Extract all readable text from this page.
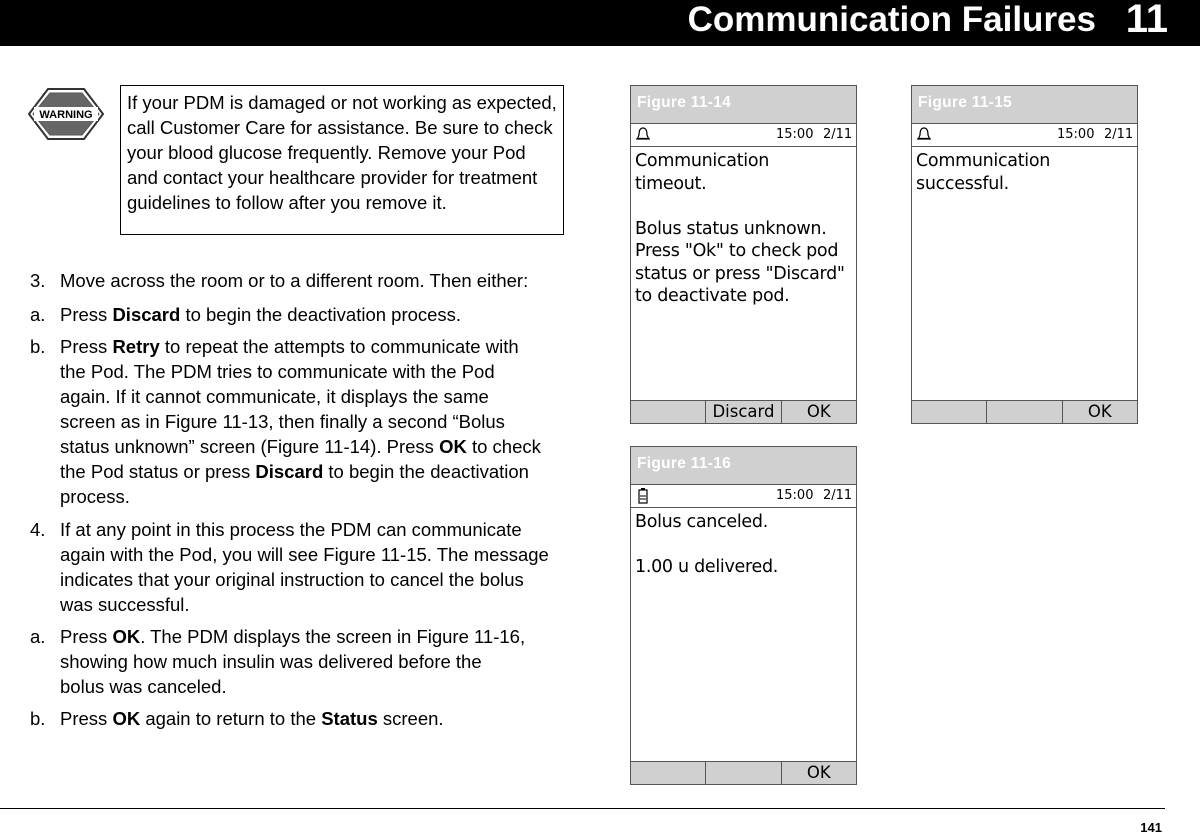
Communication Failures 11
WARNING
If your PDM is damaged or not working as expected, call Customer Care for assistance. Be sure to check your blood glucose frequently. Remove your Pod and contact your healthcare provider for treatment guidelines to follow after you remove it.
3. Move across the room or to a different room. Then either:
a. Press Discard to begin the deactivation process.
b. Press Retry to repeat the attempts to communicate with
the Pod. The PDM tries to communicate with the Pod
again. If it cannot communicate, it displays the same
screen as in Figure 11-13, then finally a second “Bolus
status unknown” screen (Figure 11-14). Press OK to check
the Pod status or press Discard to begin the deactivation
process.
4. If at any point in this process the PDM can communicate
again with the Pod, you will see Figure 11-15. The message
indicates that your original instruction to cancel the bolus
was successful.
a. Press OK. The PDM displays the screen in Figure 11-16,
showing how much insulin was delivered before the
bolus was canceled.
b. Press OK again to return to the Status screen.
Figure 11-14
15:00 2/11
Communication
timeout.

Bolus status unknown.
Press "Ok" to check pod
status or press "Discard"
to deactivate pod.
Discard	OK
Figure 11-15
15:00 2/11
Communication
successful.
OK
Figure 11-16
15:00 2/11
Bolus canceled.

1.00 u delivered.
OK
141
